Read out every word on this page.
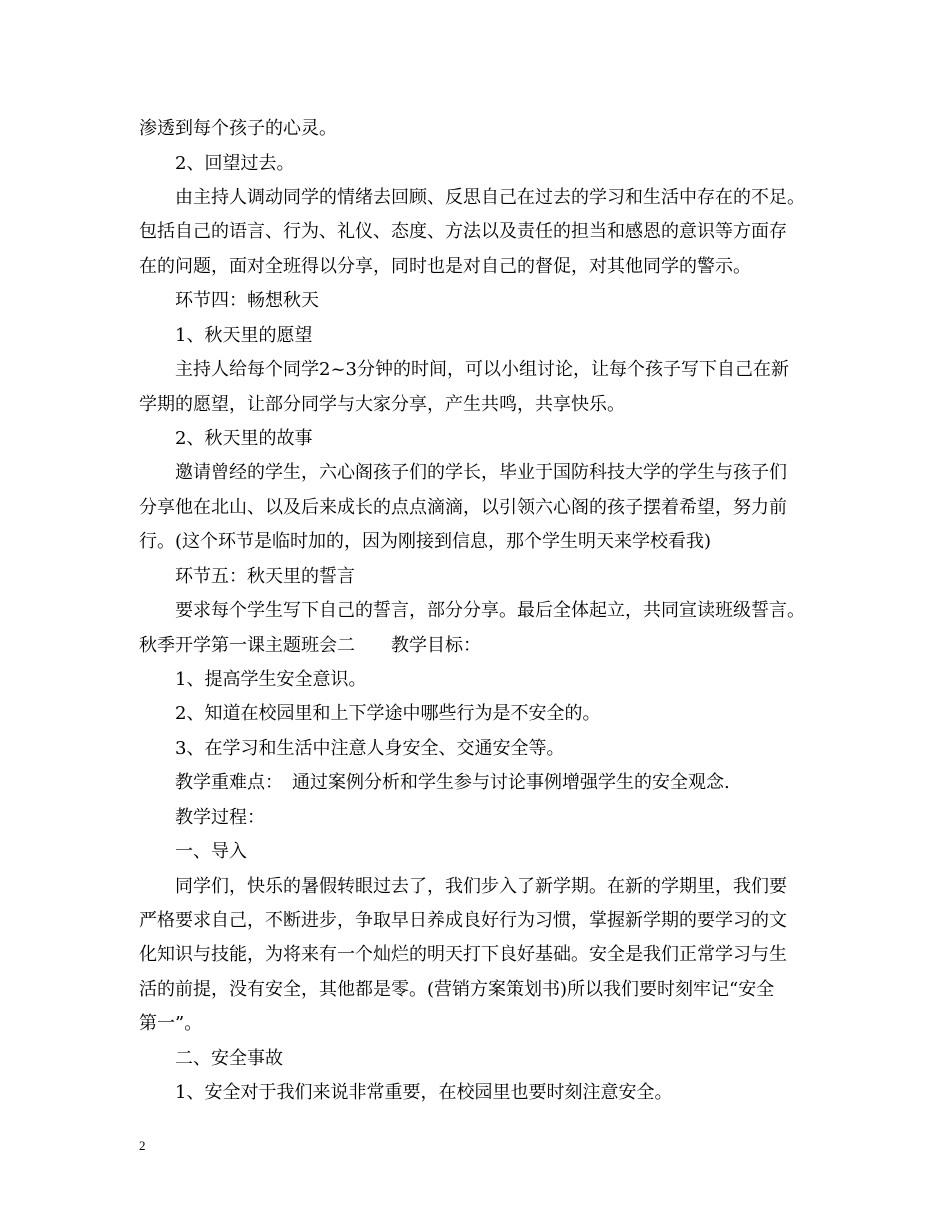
渗透到每个孩子的心灵。
2、回望过去。
由主持人调动同学的情绪去回顾、反思自己在过去的学习和生活中存在的不足。
包括自己的语言、行为、礼仪、态度、方法以及责任的担当和感恩的意识等方面存
在的问题，面对全班得以分享，同时也是对自己的督促，对其他同学的警示。
环节四：畅想秋天
1、秋天里的愿望
主持人给每个同学2~3分钟的时间，可以小组讨论，让每个孩子写下自己在新
学期的愿望，让部分同学与大家分享，产生共鸣，共享快乐。
2、秋天里的故事
邀请曾经的学生，六心阁孩子们的学长，毕业于国防科技大学的学生与孩子们
分享他在北山、以及后来成长的点点滴滴，以引领六心阁的孩子摆着希望，努力前
行。(这个环节是临时加的，因为刚接到信息，那个学生明天来学校看我)
环节五：秋天里的誓言
要求每个学生写下自己的誓言，部分分享。最后全体起立，共同宣读班级誓言。
秋季开学第一课主题班会二　　教学目标：
1、提高学生安全意识。
2、知道在校园里和上下学途中哪些行为是不安全的。
3、在学习和生活中注意人身安全、交通安全等。
教学重难点：　通过案例分析和学生参与讨论事例增强学生的安全观念.
教学过程：
一、导入
同学们，快乐的暑假转眼过去了，我们步入了新学期。在新的学期里，我们要
严格要求自己，不断进步，争取早日养成良好行为习惯，掌握新学期的要学习的文
化知识与技能，为将来有一个灿烂的明天打下良好基础。安全是我们正常学习与生
活的前提，没有安全，其他都是零。(营销方案策划书)所以我们要时刻牢记“安全
第一”。
二、安全事故
1、安全对于我们来说非常重要，在校园里也要时刻注意安全。
2
